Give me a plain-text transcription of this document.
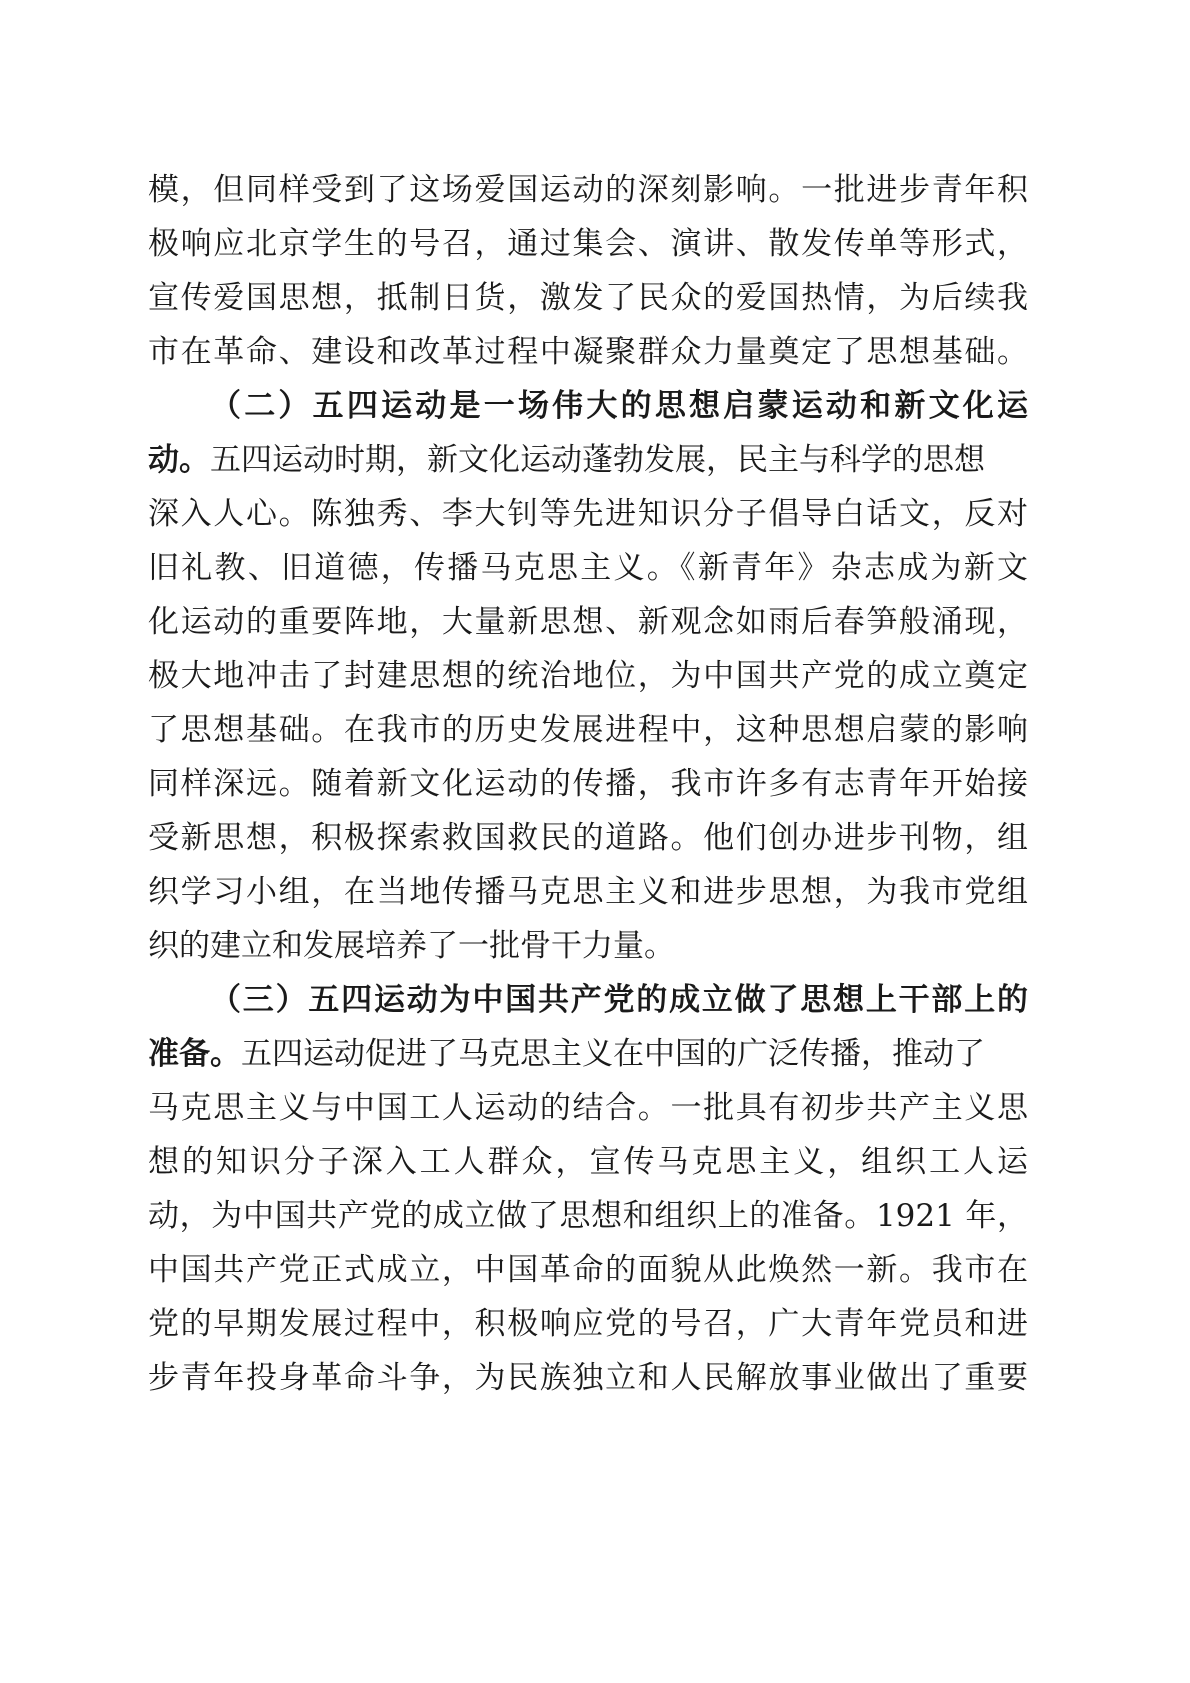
模，但同样受到了这场爱国运动的深刻影响。一批进步青年积
极响应北京学生的号召，通过集会、演讲、散发传单等形式，
宣传爱国思想，抵制日货，激发了民众的爱国热情，为后续我
市在革命、建设和改革过程中凝聚群众力量奠定了思想基础。
（二）五四运动是一场伟大的思想启蒙运动和新文化运
动。五四运动时期，新文化运动蓬勃发展，民主与科学的思想
深入人心。陈独秀、李大钊等先进知识分子倡导白话文，反对
旧礼教、旧道德，传播马克思主义。《新青年》杂志成为新文
化运动的重要阵地，大量新思想、新观念如雨后春笋般涌现，
极大地冲击了封建思想的统治地位，为中国共产党的成立奠定
了思想基础。在我市的历史发展进程中，这种思想启蒙的影响
同样深远。随着新文化运动的传播，我市许多有志青年开始接
受新思想，积极探索救国救民的道路。他们创办进步刊物，组
织学习小组，在当地传播马克思主义和进步思想，为我市党组
织的建立和发展培养了一批骨干力量。
（三）五四运动为中国共产党的成立做了思想上干部上的
准备。五四运动促进了马克思主义在中国的广泛传播，推动了
马克思主义与中国工人运动的结合。一批具有初步共产主义思
想的知识分子深入工人群众，宣传马克思主义，组织工人运
动，为中国共产党的成立做了思想和组织上的准备。1921 年，
中国共产党正式成立，中国革命的面貌从此焕然一新。我市在
党的早期发展过程中，积极响应党的号召，广大青年党员和进
步青年投身革命斗争，为民族独立和人民解放事业做出了重要
